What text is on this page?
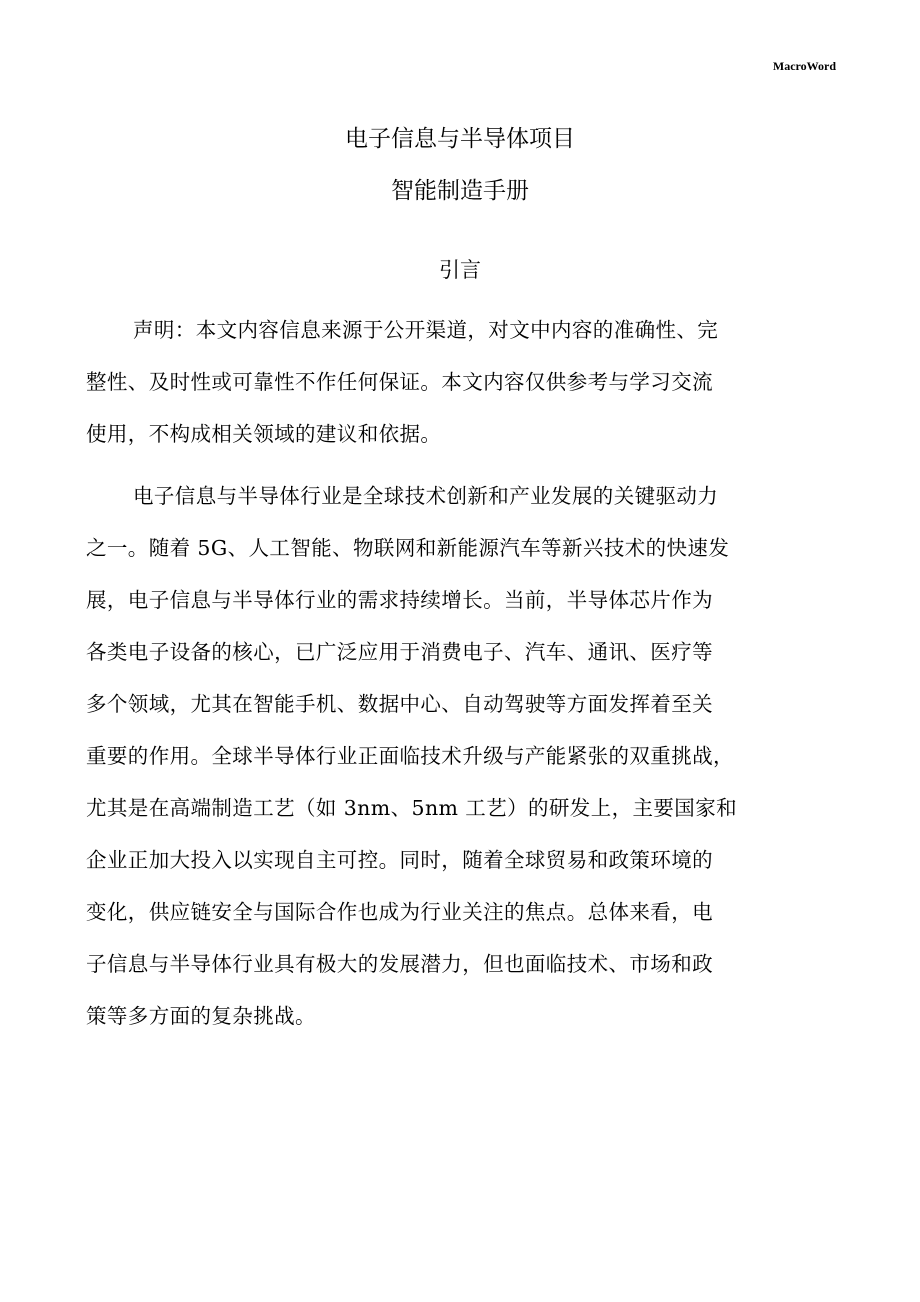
MacroWord
电子信息与半导体项目
智能制造手册
引言
声明：本文内容信息来源于公开渠道，对文中内容的准确性、完
整性、及时性或可靠性不作任何保证。本文内容仅供参考与学习交流
使用，不构成相关领域的建议和依据。
电子信息与半导体行业是全球技术创新和产业发展的关键驱动力
之一。随着 5G、人工智能、物联网和新能源汽车等新兴技术的快速发
展，电子信息与半导体行业的需求持续增长。当前，半导体芯片作为
各类电子设备的核心，已广泛应用于消费电子、汽车、通讯、医疗等
多个领域，尤其在智能手机、数据中心、自动驾驶等方面发挥着至关
重要的作用。全球半导体行业正面临技术升级与产能紧张的双重挑战，
尤其是在高端制造工艺（如 3nm、5nm 工艺）的研发上，主要国家和
企业正加大投入以实现自主可控。同时，随着全球贸易和政策环境的
变化，供应链安全与国际合作也成为行业关注的焦点。总体来看，电
子信息与半导体行业具有极大的发展潜力，但也面临技术、市场和政
策等多方面的复杂挑战。
